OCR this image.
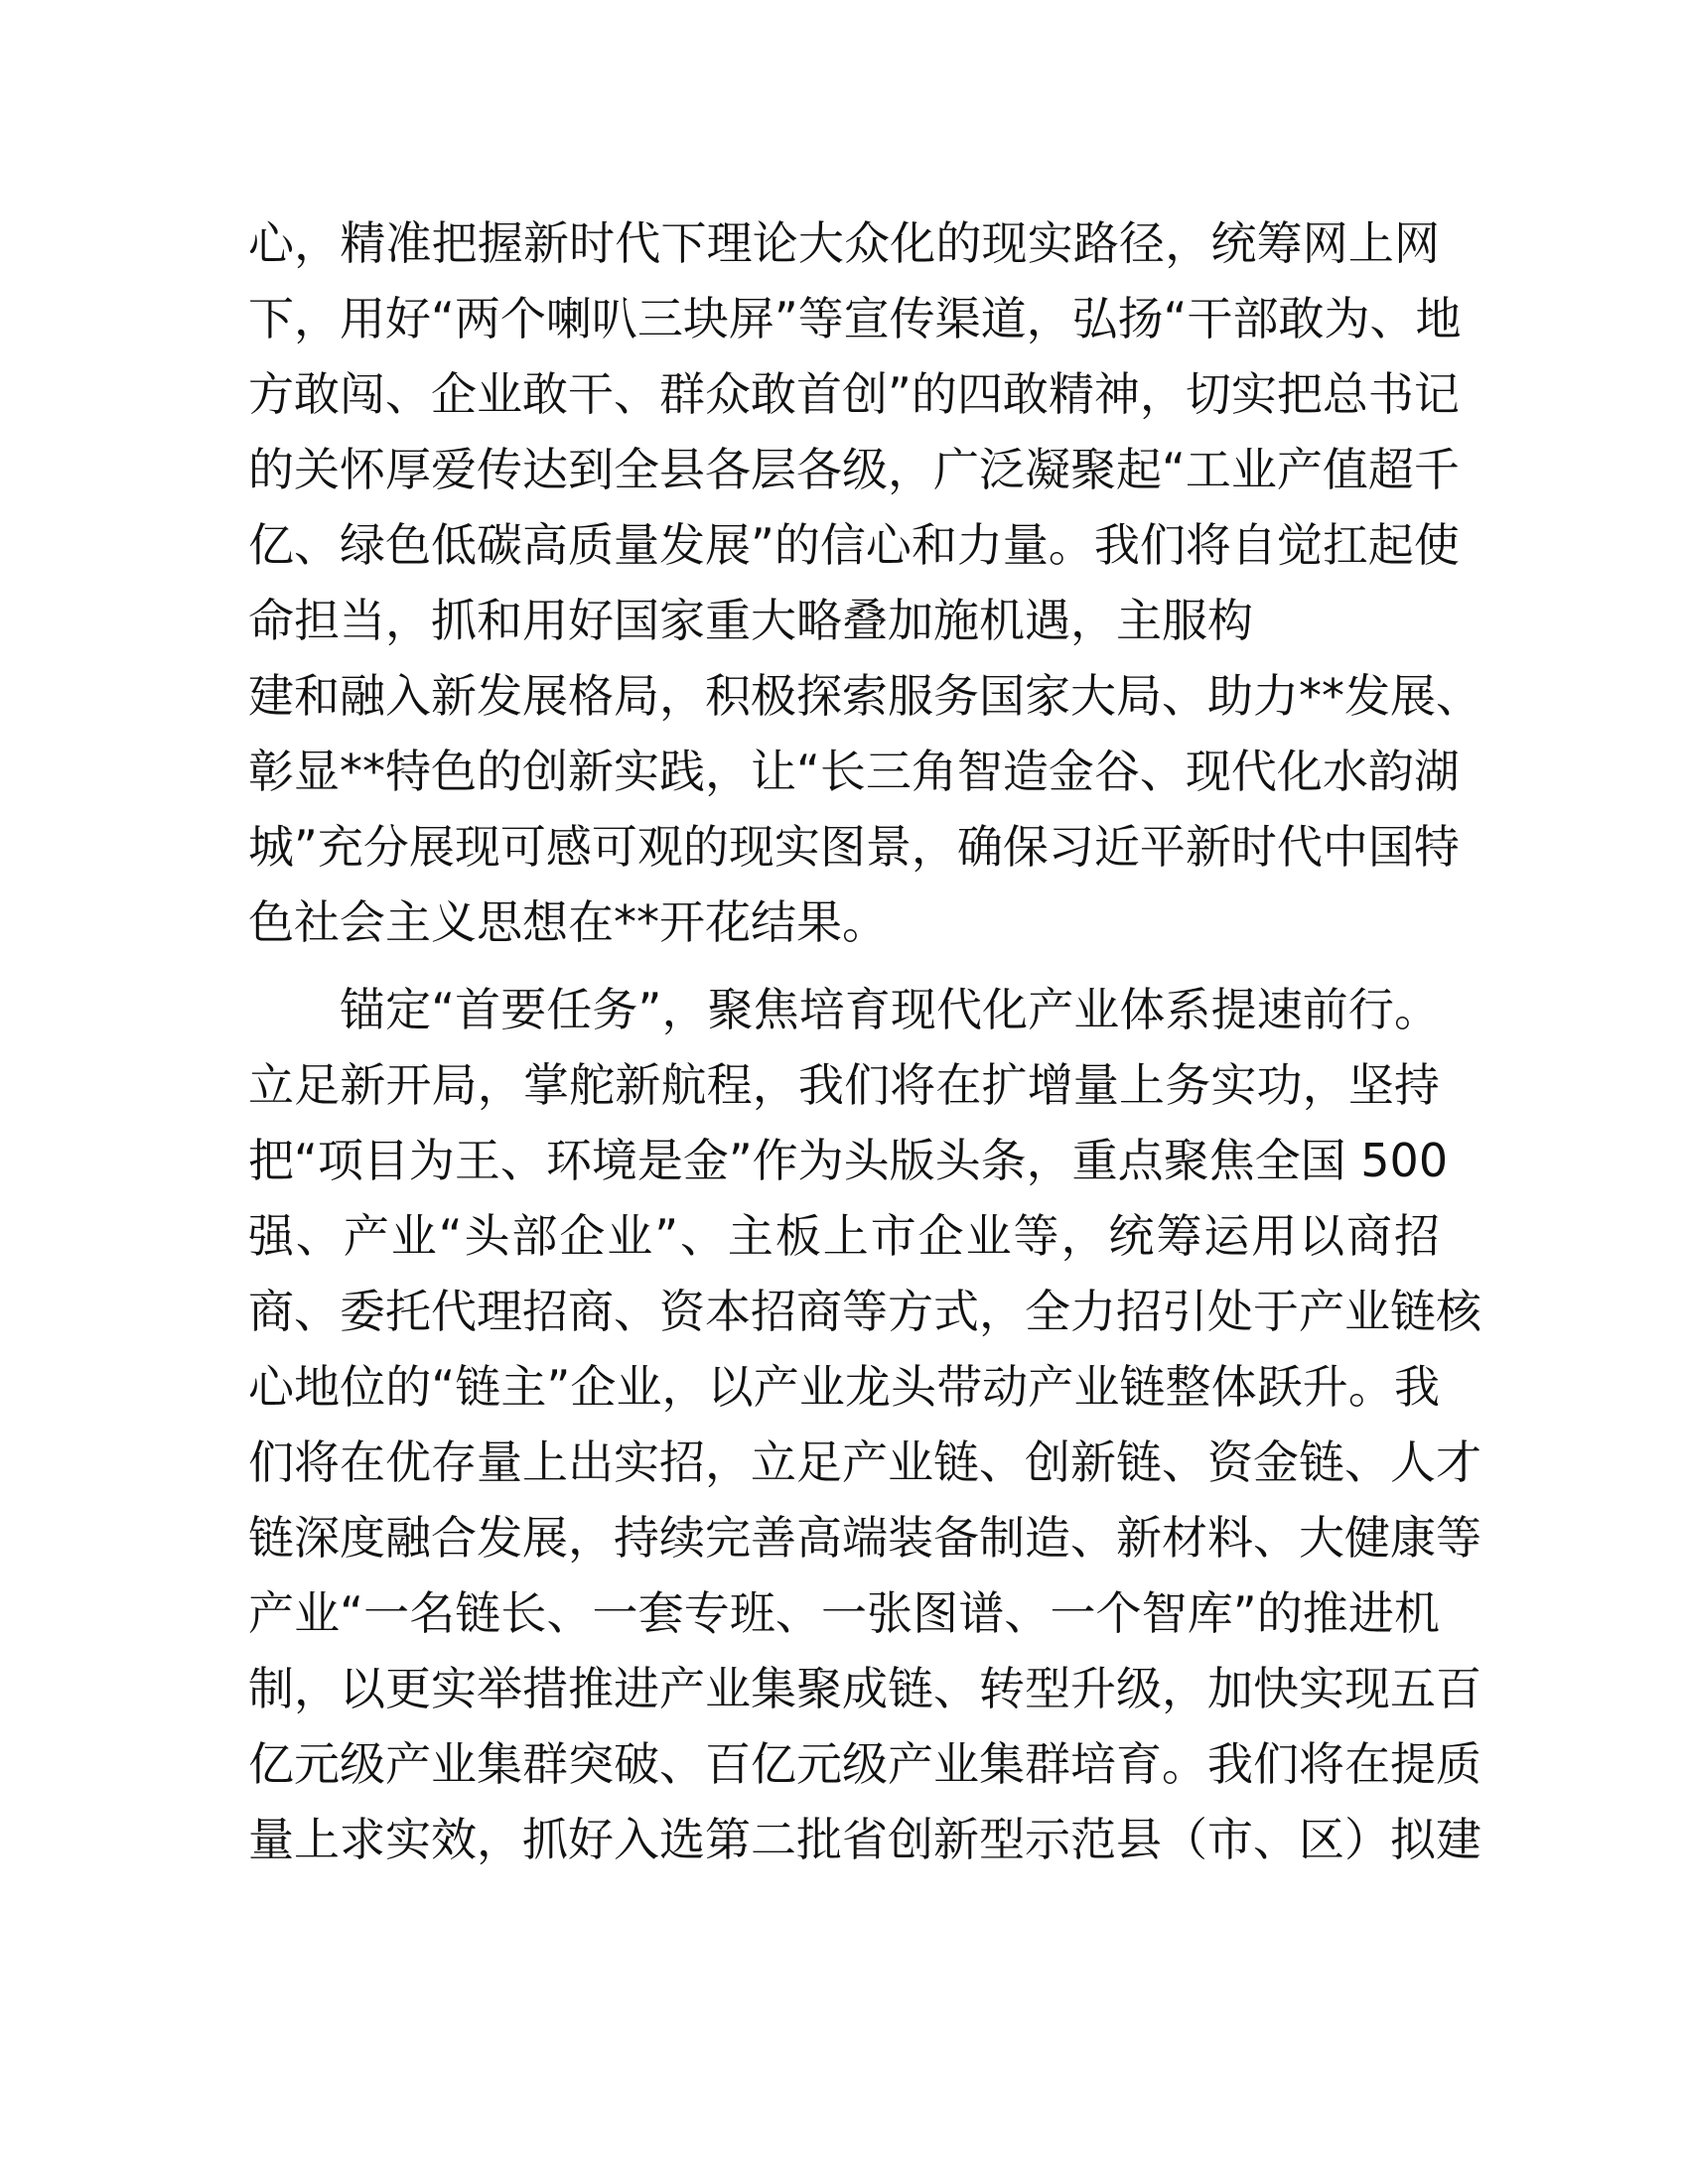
心，精准把握新时代下理论大众化的现实路径，统筹网上网
下，用好“两个喇叭三块屏”等宣传渠道，弘扬“干部敢为、地
方敢闯、企业敢干、群众敢首创”的四敢精神，切实把总书记
的关怀厚爱传达到全县各层各级，广泛凝聚起“工业产值超千
亿、绿色低碳高质量发展”的信心和力量。我们将自觉扛起使
命担当，抓和用好国家重大略叠加施机遇，主服构
建和融入新发展格局，积极探索服务国家大局、助力**发展、
彰显**特色的创新实践，让“长三角智造金谷、现代化水韵湖
城”充分展现可感可观的现实图景，确保习近平新时代中国特
色社会主义思想在**开花结果。
锚定“首要任务”，聚焦培育现代化产业体系提速前行。
立足新开局，掌舵新航程，我们将在扩增量上务实功，坚持
把“项目为王、环境是金”作为头版头条，重点聚焦全国 500
强、产业“头部企业”、主板上市企业等，统筹运用以商招
商、委托代理招商、资本招商等方式，全力招引处于产业链核
心地位的“链主”企业，以产业龙头带动产业链整体跃升。我
们将在优存量上出实招，立足产业链、创新链、资金链、人才
链深度融合发展，持续完善高端装备制造、新材料、大健康等
产业“一名链长、一套专班、一张图谱、一个智库”的推进机
制，以更实举措推进产业集聚成链、转型升级，加快实现五百
亿元级产业集群突破、百亿元级产业集群培育。我们将在提质
量上求实效，抓好入选第二批省创新型示范县（市、区）拟建
